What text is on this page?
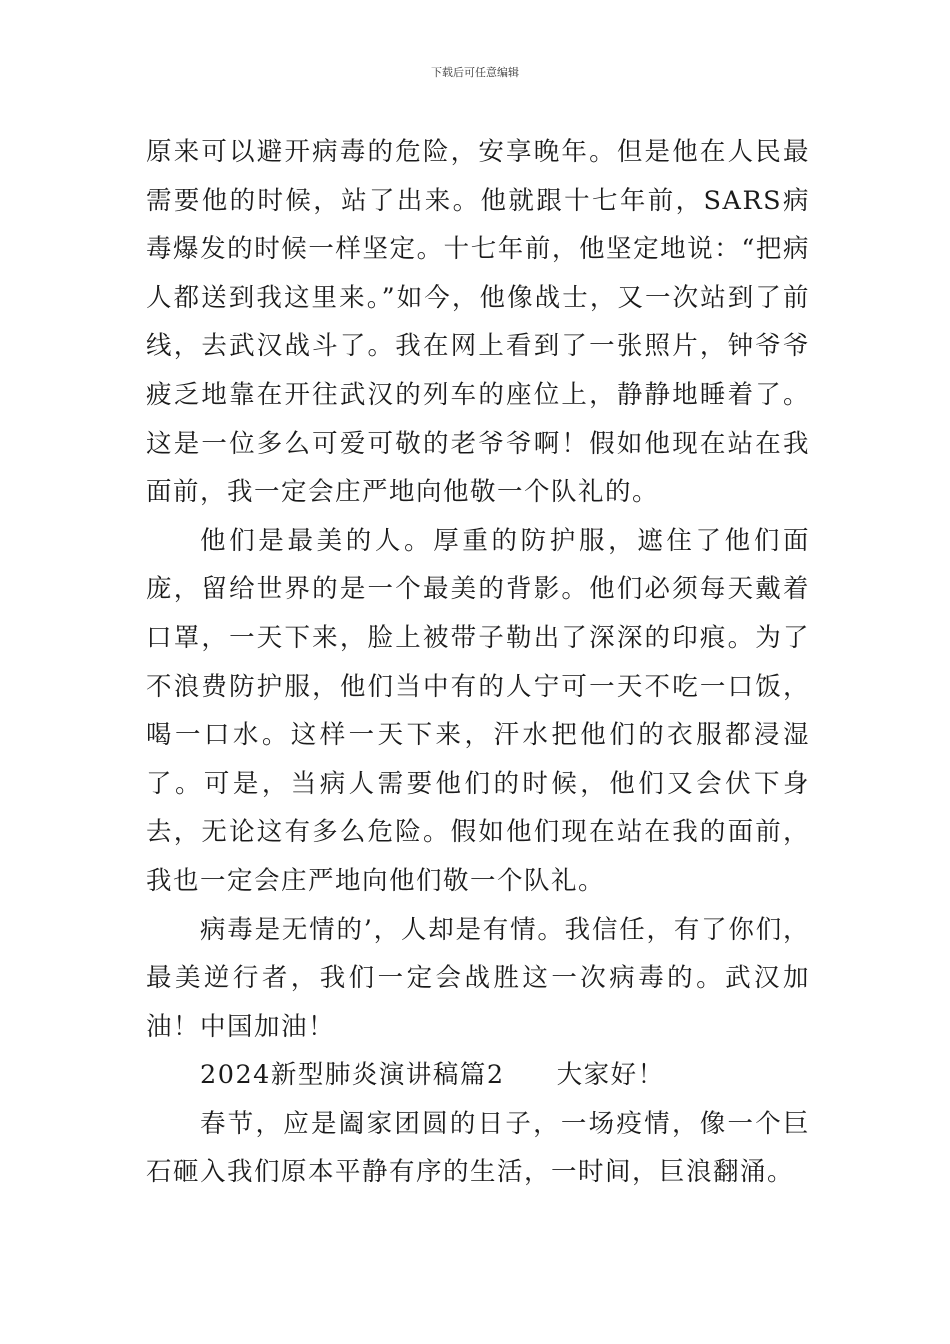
下载后可任意编辑

原来可以避开病毒的危险，安享晚年。但是他在人民最需要他的时候，站了出来。他就跟十七年前，SARS病毒爆发的时候一样坚定。十七年前，他坚定地说：“把病人都送到我这里来。”如今，他像战士，又一次站到了前线，去武汉战斗了。我在网上看到了一张照片，钟爷爷疲乏地靠在开往武汉的列车的座位上，静静地睡着了。这是一位多么可爱可敬的老爷爷啊！假如他现在站在我面前，我一定会庄严地向他敬一个队礼的。

他们是最美的人。厚重的防护服，遮住了他们面庞，留给世界的是一个最美的背影。他们必须每天戴着口罩，一天下来，脸上被带子勒出了深深的印痕。为了不浪费防护服，他们当中有的人宁可一天不吃一口饭，喝一口水。这样一天下来，汗水把他们的衣服都浸湿了。可是，当病人需要他们的时候，他们又会伏下身去，无论这有多么危险。假如他们现在站在我的面前，我也一定会庄严地向他们敬一个队礼。

病毒是无情的’，人却是有情。我信任，有了你们，最美逆行者，我们一定会战胜这一次病毒的。武汉加油！中国加油！

2024新型肺炎演讲稿篇2 大家好！

春节，应是阖家团圆的日子，一场疫情，像一个巨石砸入我们原本平静有序的生活，一时间，巨浪翻涌。
